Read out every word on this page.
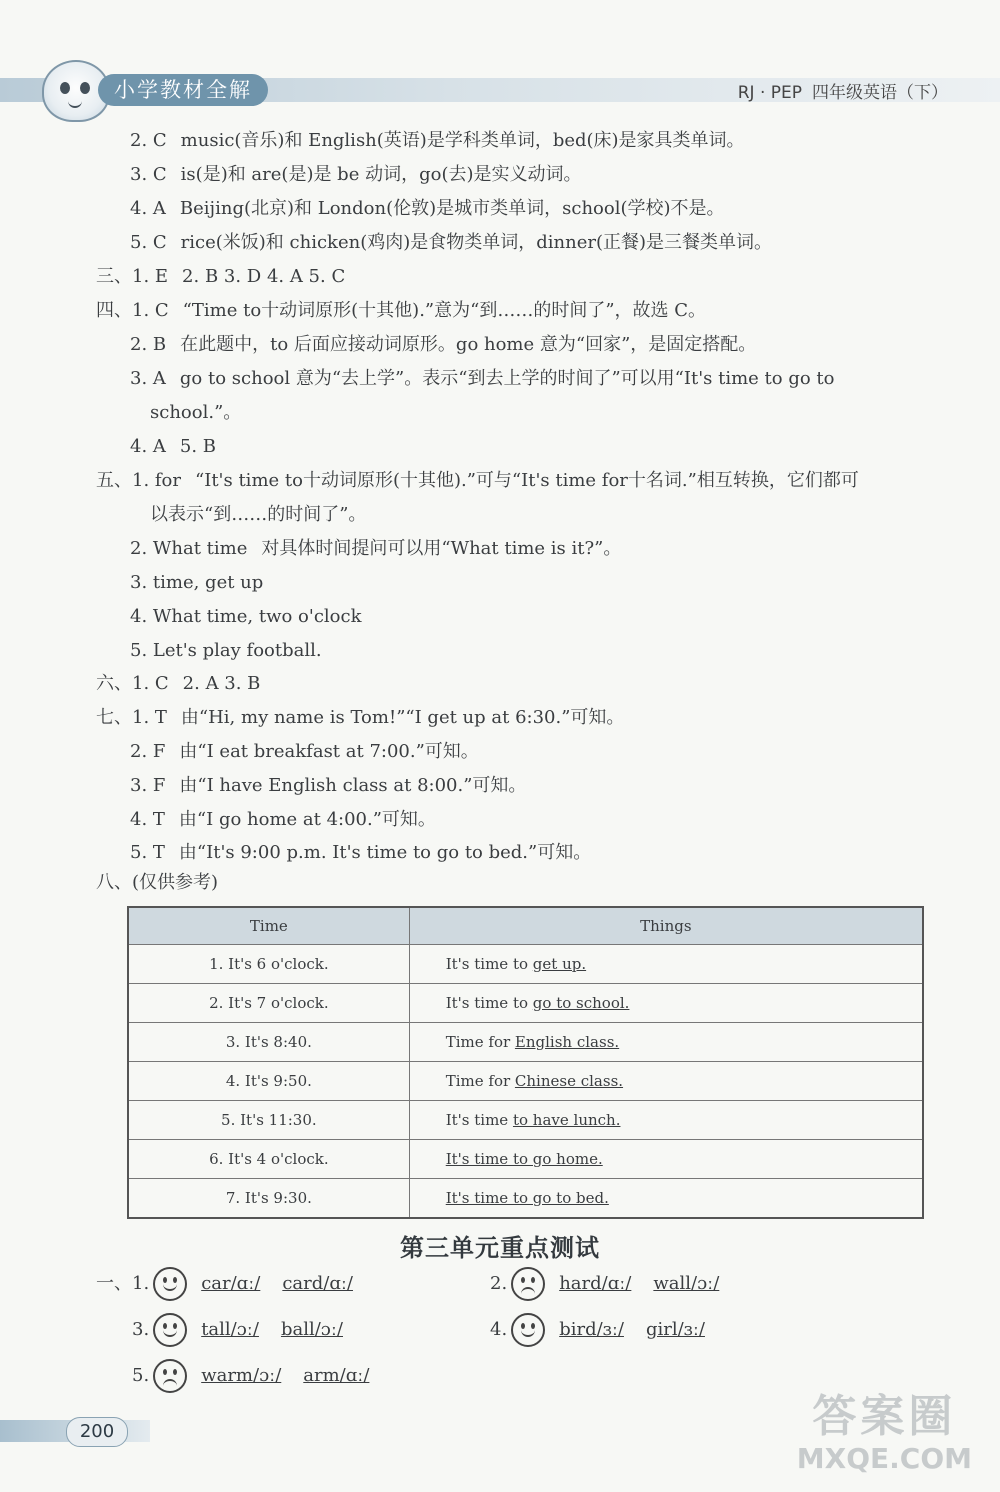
小学教材全解	RJ · PEP 四年级英语（下）
2. C music(音乐)和 English(英语)是学科类单词，bed(床)是家具类单词。
3. C is(是)和 are(是)是 be 动词，go(去)是实义动词。
4. A Beijing(北京)和 London(伦敦)是城市类单词，school(学校)不是。
5. C rice(米饭)和 chicken(鸡肉)是食物类单词，dinner(正餐)是三餐类单词。
三、1. E 2. B 3. D 4. A 5. C
四、1. C “Time to十动词原形(十其他).”意为“到……的时间了”，故选 C。
2. B 在此题中，to 后面应接动词原形。go home 意为“回家”，是固定搭配。
3. A go to school 意为“去上学”。表示“到去上学的时间了”可以用“It's time to go to
school.”。
4. A 5. B
五、1. for “It's time to十动词原形(十其他).”可与“It's time for十名词.”相互转换，它们都可
以表示“到……的时间了”。
2. What time 对具体时间提问可以用“What time is it?”。
3. time, get up
4. What time, two o'clock
5. Let's play football.
六、1. C 2. A 3. B
七、1. T 由“Hi, my name is Tom!”“I get up at 6:30.”可知。
2. F 由“I eat breakfast at 7:00.”可知。
3. F 由“I have English class at 8:00.”可知。
4. T 由“I go home at 4:00.”可知。
5. T 由“It's 9:00 p.m. It's time to go to bed.”可知。
八、(仅供参考)
Time	Things
1. It's 6 o'clock.	It's time to get up.
2. It's 7 o'clock.	It's time to go to school.
3. It's 8:40.	Time for English class.
4. It's 9:50.	Time for Chinese class.
5. It's 11:30.	It's time to have lunch.
6. It's 4 o'clock.	It's time to go home.
7. It's 9:30.	It's time to go to bed.
第三单元重点测试
一、1.	car/ɑː/ card/ɑː/	2.	hard/ɑː/ wall/ɔː/
3.	tall/ɔː/ ball/ɔː/	4.	bird/ɜː/ girl/ɜː/
5.	warm/ɔː/ arm/ɑː/
200	答案圈
MXQE.COM
